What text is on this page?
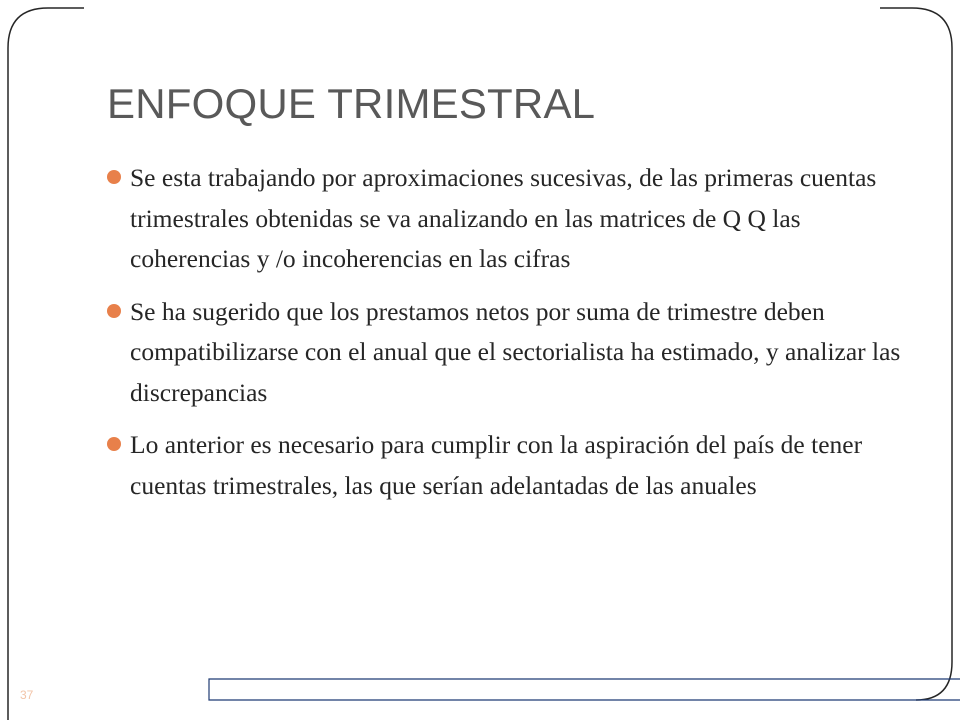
ENFOQUE TRIMESTRAL
Se esta trabajando por aproximaciones sucesivas, de las primeras cuentas trimestrales obtenidas se va analizando en las matrices de Q Q las coherencias y /o incoherencias en las cifras
Se ha sugerido que los prestamos netos por suma de trimestre deben compatibilizarse con el anual que el sectorialista ha estimado, y analizar las discrepancias
Lo anterior es necesario para cumplir con la aspiración del país de tener cuentas trimestrales, las que serían adelantadas de las anuales
37
